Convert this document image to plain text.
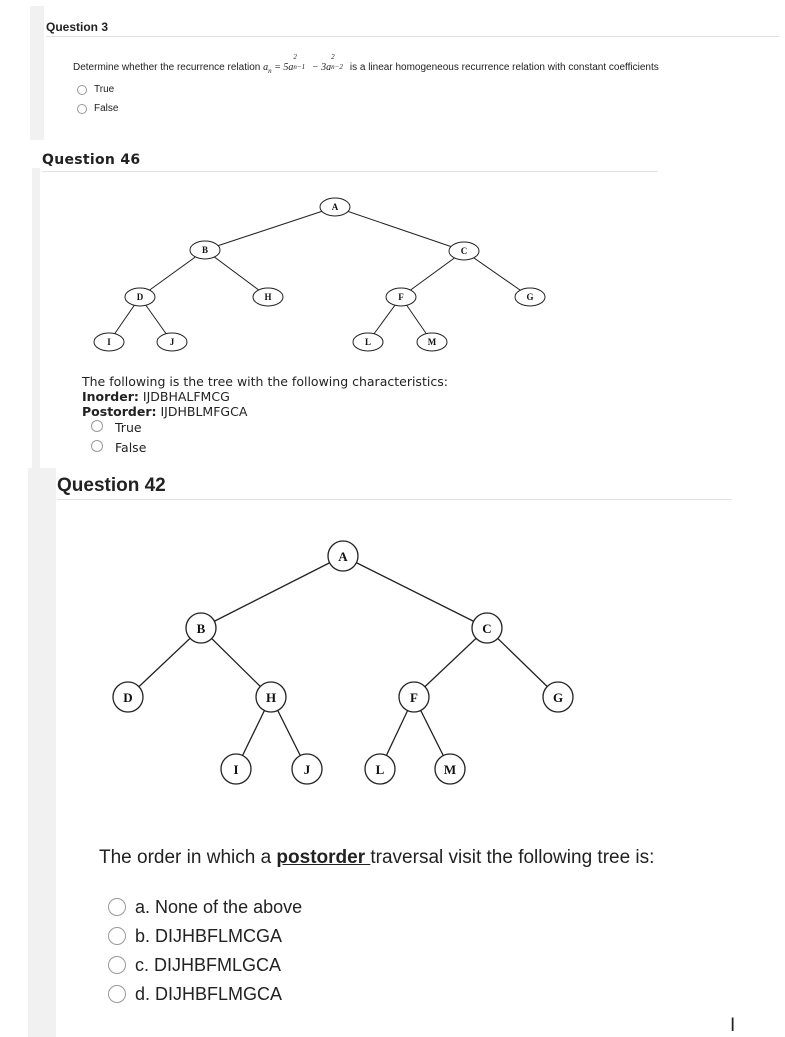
Question 3
Determine whether the recurrence relation $a_n = 5a$
2
n−1 − 3a
2
n−2 is a linear homogeneous recurrence relation with constant coefficients
True
False
Question 46
A
B	C
D	H	F	G
I	J	L	M
The following is the tree with the following characteristics:
Inorder: IJDBHALFMCG
Postorder: IJDHBLMFGCA
True
False
Question 42
A
B	C
D	H	F	G
I	J	L	M
The order in which a postorder traversal visit the following tree is:
a. None of the above
b. DIJHBFLMCGA
c. DIJHBFMLGCA
d. DIJHBFLMGCA
I
